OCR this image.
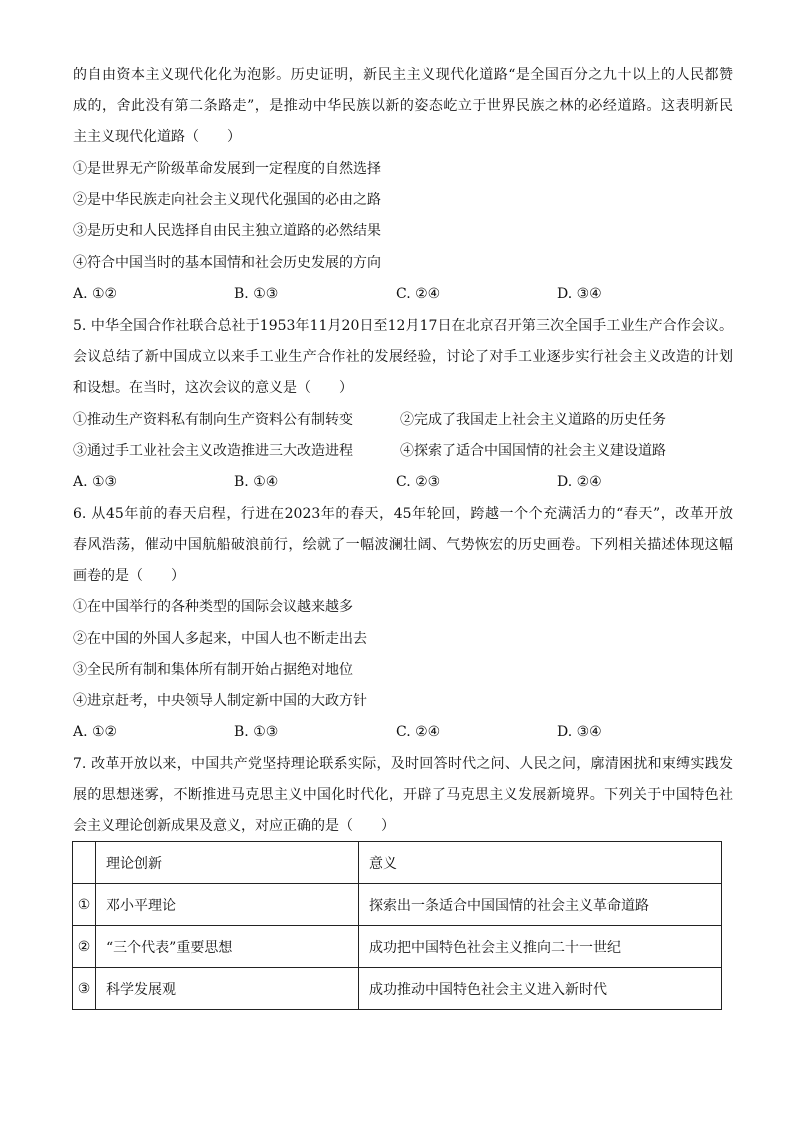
的自由资本主义现代化化为泡影。历史证明，新民主主义现代化道路“是全国百分之九十以上的人民都赞
成的，舍此没有第二条路走”，是推动中华民族以新的姿态屹立于世界民族之林的必经道路。这表明新民
主主义现代化道路（　　）
①是世界无产阶级革命发展到一定程度的自然选择
②是中华民族走向社会主义现代化强国的必由之路
③是历史和人民选择自由民主独立道路的必然结果
④符合中国当时的基本国情和社会历史发展的方向
A. ①②	B. ①③	C. ②④	D. ③④
5. 中华全国合作社联合总社于1953年11月20日至12月17日在北京召开第三次全国手工业生产合作会议。
会议总结了新中国成立以来手工业生产合作社的发展经验，讨论了对手工业逐步实行社会主义改造的计划
和设想。在当时，这次会议的意义是（　　）
①推动生产资料私有制向生产资料公有制转变	②完成了我国走上社会主义道路的历史任务
③通过手工业社会主义改造推进三大改造进程	④探索了适合中国国情的社会主义建设道路
A. ①③	B. ①④	C. ②③	D. ②④
6. 从45年前的春天启程，行进在2023年的春天，45年轮回，跨越一个个充满活力的“春天”，改革开放
春风浩荡，催动中国航船破浪前行，绘就了一幅波澜壮阔、气势恢宏的历史画卷。下列相关描述体现这幅
画卷的是（　　）
①在中国举行的各种类型的国际会议越来越多
②在中国的外国人多起来，中国人也不断走出去
③全民所有制和集体所有制开始占据绝对地位
④进京赶考，中央领导人制定新中国的大政方针
A. ①②	B. ①③	C. ②④	D. ③④
7. 改革开放以来，中国共产党坚持理论联系实际，及时回答时代之问、人民之问，廓清困扰和束缚实践发
展的思想迷雾，不断推进马克思主义中国化时代化，开辟了马克思主义发展新境界。下列关于中国特色社
会主义理论创新成果及意义，对应正确的是（　　）
	理论创新	意义
①	邓小平理论	探索出一条适合中国国情的社会主义革命道路
②	“三个代表”重要思想	成功把中国特色社会主义推向二十一世纪
③	科学发展观	成功推动中国特色社会主义进入新时代
